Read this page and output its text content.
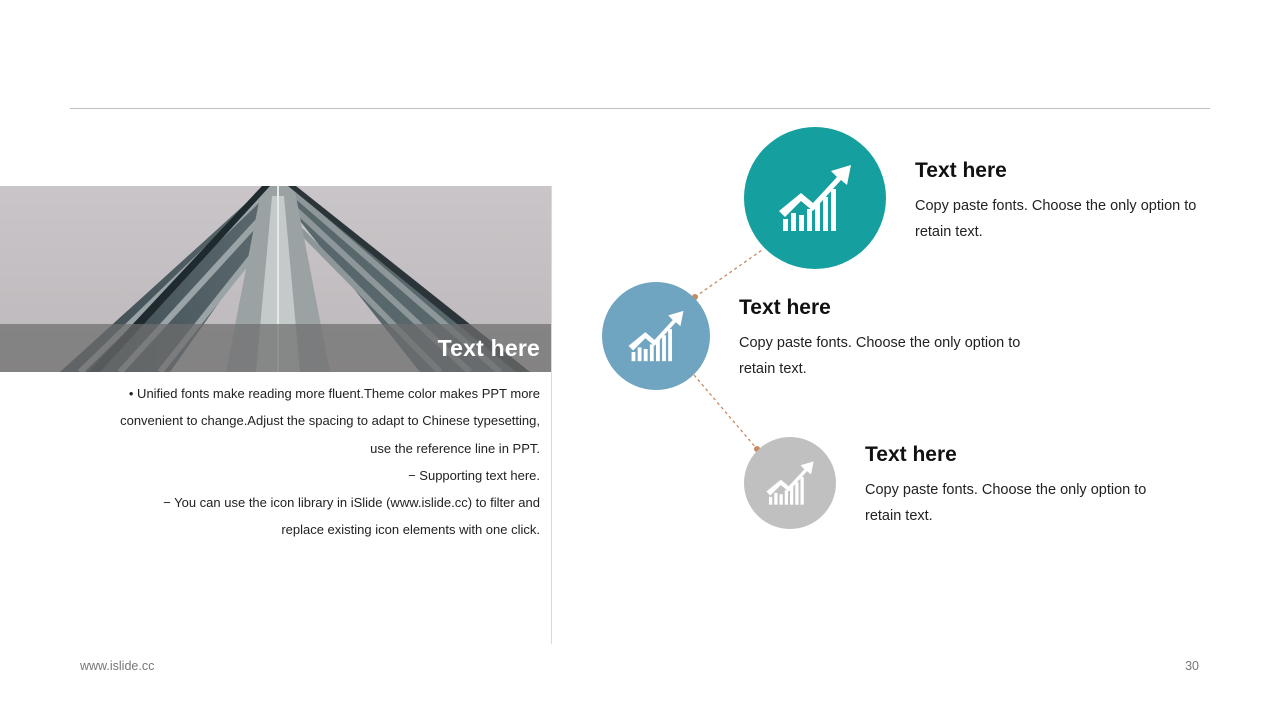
Text here

• Unified fonts make reading more fluent.Theme color makes PPT more

convenient to change.Adjust the spacing to adapt to Chinese typesetting,

use the reference line in PPT.

− Supporting text here.

− You can use the icon library in iSlide (www.islide.cc) to filter and

replace existing icon elements with one click.

Text here

Copy paste fonts. Choose the only option to retain text.

Text here

Copy paste fonts. Choose the only option to retain text.

Text here

Copy paste fonts. Choose the only option to retain text.

www.islide.cc	30
